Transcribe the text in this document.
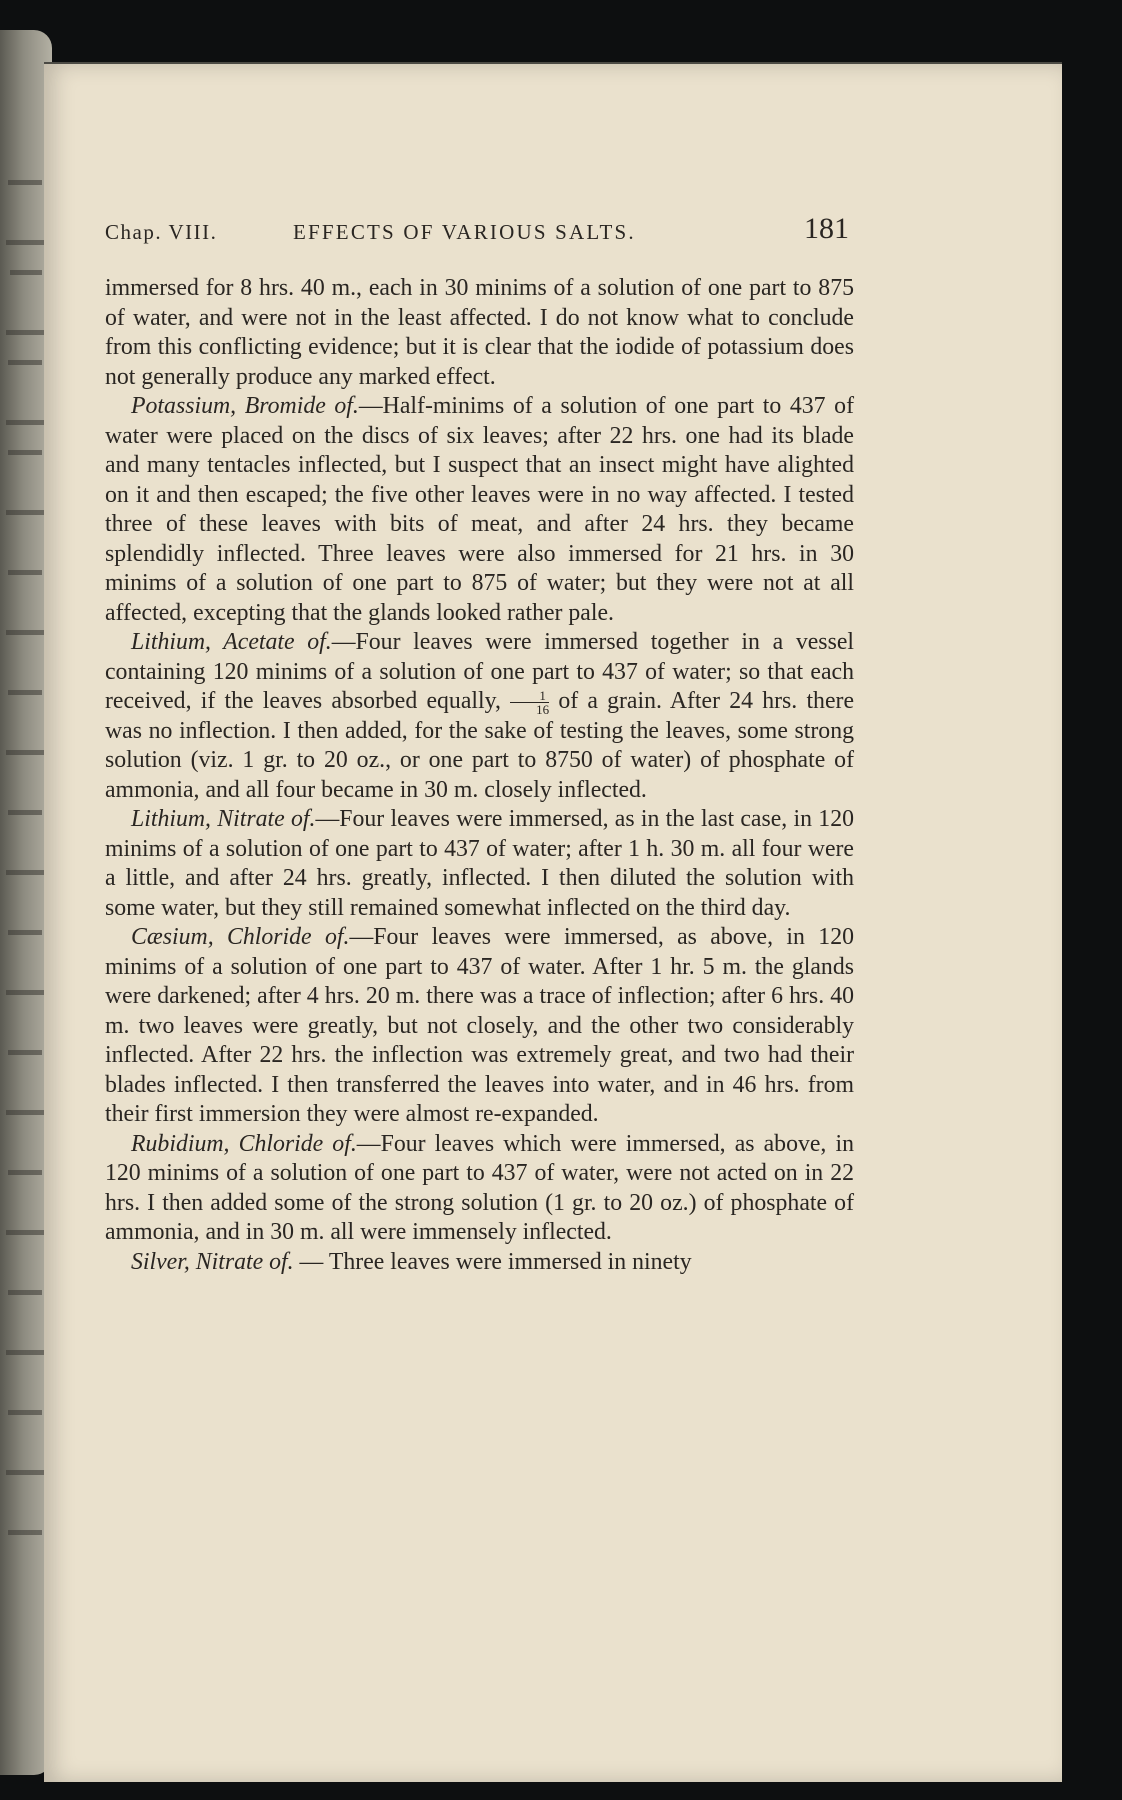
Chap. VIII.	EFFECTS OF VARIOUS SALTS.	181

immersed for 8 hrs. 40 m., each in 30 minims of a solution of one part to 875 of water, and were not in the least affected. I do not know what to conclude from this conflicting evidence; but it is clear that the iodide of potassium does not generally produce any marked effect.

Potassium, Bromide of.—Half-minims of a solution of one part to 437 of water were placed on the discs of six leaves; after 22 hrs. one had its blade and many tentacles inflected, but I suspect that an insect might have alighted on it and then escaped; the five other leaves were in no way affected. I tested three of these leaves with bits of meat, and after 24 hrs. they became splendidly inflected. Three leaves were also immersed for 21 hrs. in 30 minims of a solution of one part to 875 of water; but they were not at all affected, excepting that the glands looked rather pale.

Lithium, Acetate of.—Four leaves were immersed together in a vessel containing 120 minims of a solution of one part to 437 of water; so that each received, if the leaves absorbed equally, $\frac{1}{16}$ of a grain. After 24 hrs. there was no inflection. I then added, for the sake of testing the leaves, some strong solution (viz. 1 gr. to 20 oz., or one part to 8750 of water) of phosphate of ammonia, and all four became in 30 m. closely inflected.

Lithium, Nitrate of.—Four leaves were immersed, as in the last case, in 120 minims of a solution of one part to 437 of water; after 1 h. 30 m. all four were a little, and after 24 hrs. greatly, inflected. I then diluted the solution with some water, but they still remained somewhat inflected on the third day.

Cæsium, Chloride of.—Four leaves were immersed, as above, in 120 minims of a solution of one part to 437 of water. After 1 hr. 5 m. the glands were darkened; after 4 hrs. 20 m. there was a trace of inflection; after 6 hrs. 40 m. two leaves were greatly, but not closely, and the other two considerably inflected. After 22 hrs. the inflection was extremely great, and two had their blades inflected. I then transferred the leaves into water, and in 46 hrs. from their first immersion they were almost re-expanded.

Rubidium, Chloride of.—Four leaves which were immersed, as above, in 120 minims of a solution of one part to 437 of water, were not acted on in 22 hrs. I then added some of the strong solution (1 gr. to 20 oz.) of phosphate of ammonia, and in 30 m. all were immensely inflected.

Silver, Nitrate of. — Three leaves were immersed in ninety
